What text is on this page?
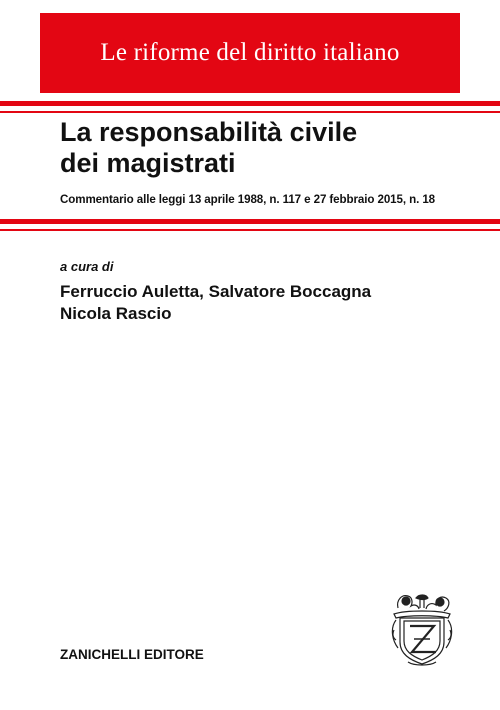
Le riforme del diritto italiano
La responsabilità civile
dei magistrati
Commentario alle leggi 13 aprile 1988, n. 117 e 27 febbraio 2015, n. 18
a cura di
Ferruccio Auletta, Salvatore Boccagna
Nicola Rascio
ZANICHELLI EDITORE
